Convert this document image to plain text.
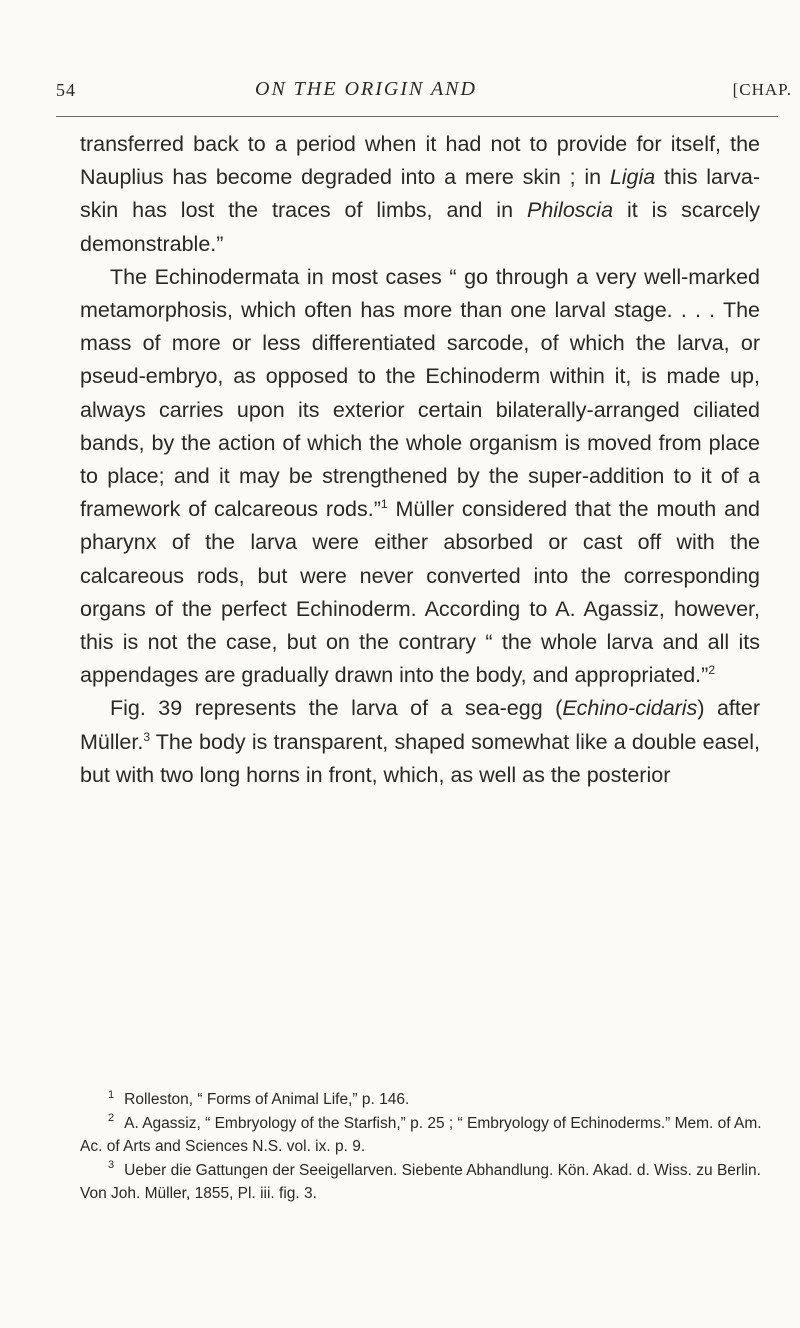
54	ON THE ORIGIN AND	[CHAP.

transferred back to a period when it had not to provide for itself, the Nauplius has become degraded into a mere skin ; in Ligia this larva-skin has lost the traces of limbs, and in Philoscia it is scarcely demonstrable.”

The Echinodermata in most cases “ go through a very well-marked metamorphosis, which often has more than one larval stage. . . . The mass of more or less differentiated sarcode, of which the larva, or pseud-embryo, as opposed to the Echinoderm within it, is made up, always carries upon its exterior certain bilaterally-arranged ciliated bands, by the action of which the whole organism is moved from place to place; and it may be strengthened by the super-addition to it of a framework of calcareous rods.”$^1$ Müller considered that the mouth and pharynx of the larva were either absorbed or cast off with the calcareous rods, but were never converted into the corresponding organs of the perfect Echinoderm. According to A. Agassiz, however, this is not the case, but on the contrary “ the whole larva and all its appendages are gradually drawn into the body, and appropriated.”$^2$

Fig. 39 represents the larva of a sea-egg (Echino-cidaris) after Müller.$^3$ The body is transparent, shaped somewhat like a double easel, but with two long horns in front, which, as well as the posterior

$^1$ Rolleston, “ Forms of Animal Life,” p. 146.

$^2$ A. Agassiz, “ Embryology of the Starfish,” p. 25 ; “ Embryology of Echinoderms.” Mem. of Am. Ac. of Arts and Sciences N.S. vol. ix. p. 9.

$^3$ Ueber die Gattungen der Seeigellarven. Siebente Abhandlung. Kön. Akad. d. Wiss. zu Berlin. Von Joh. Müller, 1855, Pl. iii. fig. 3.
